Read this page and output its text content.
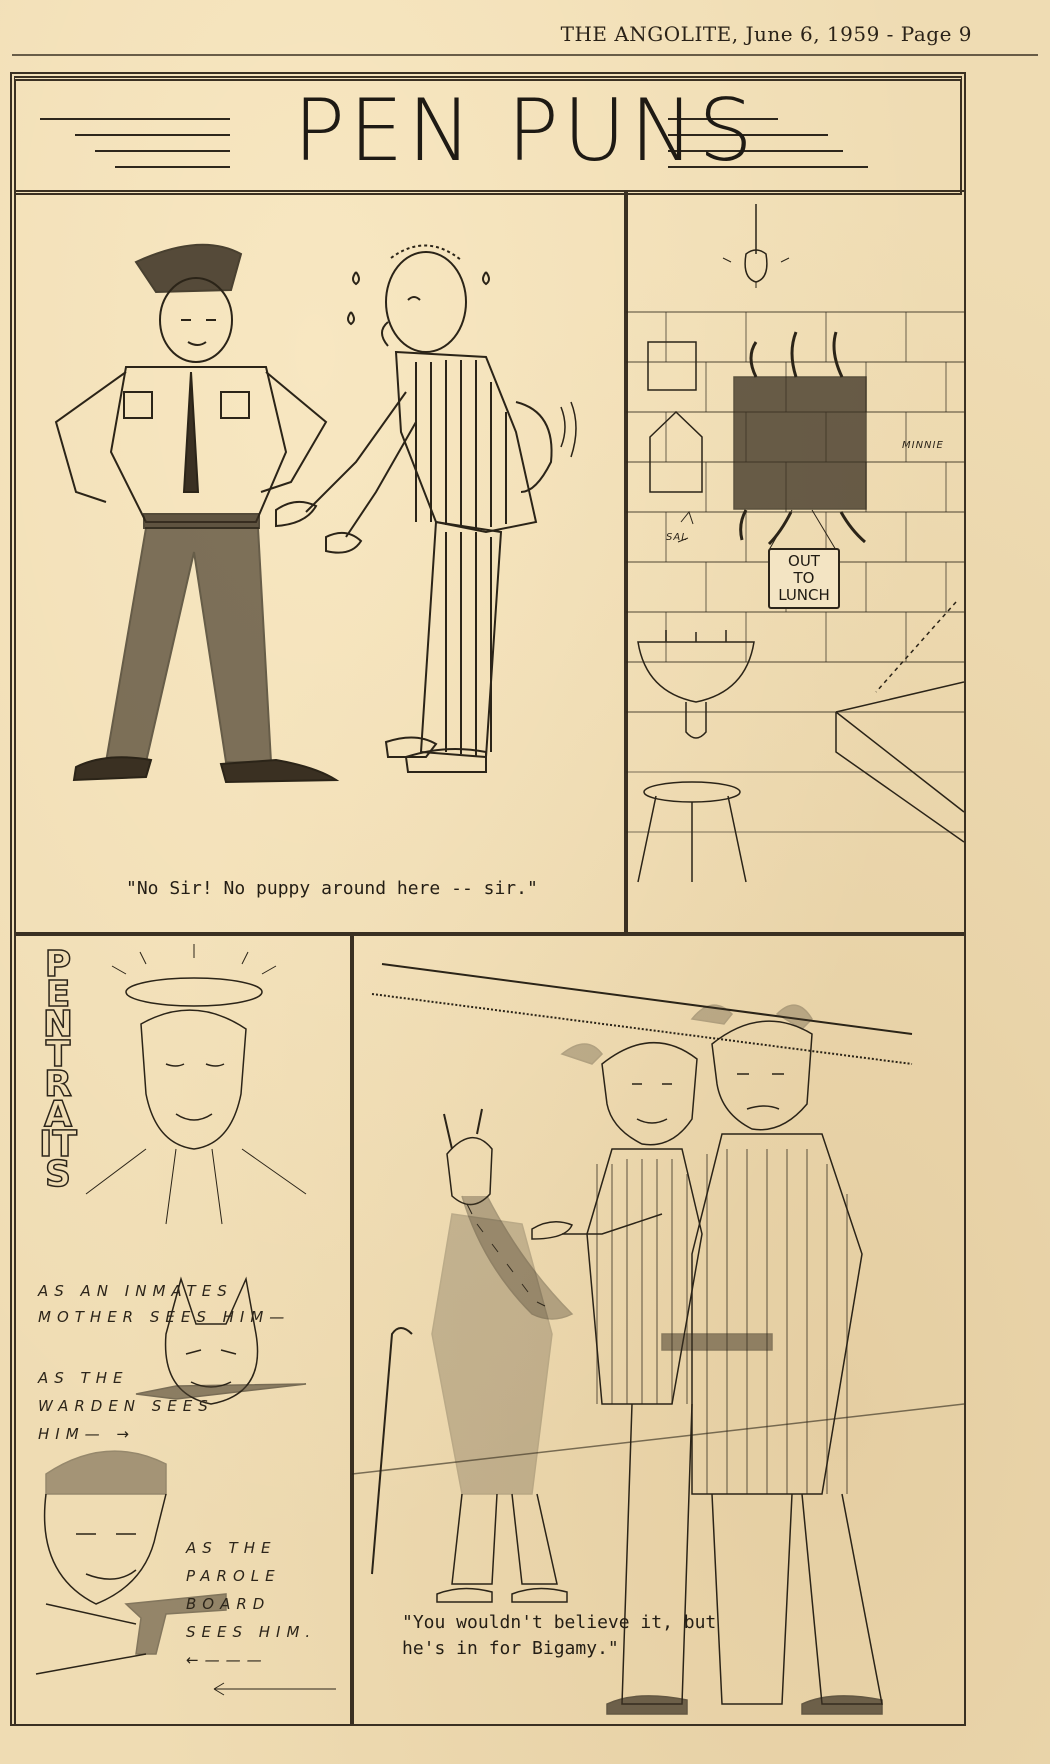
THE ANGOLITE, June 6, 1959 - Page 9
PEN PUNS
"No Sir! No puppy around here -- sir."
OUT
TO
LUNCH
SAL
MINNIE
PENTRAITS
AS AN INMATES
MOTHER SEES HIM—
AS THE
WARDEN SEES
HIM— →
AS THE
PAROLE BOARD
SEES HIM.
←———
"You wouldn't believe it, but
he's in for Bigamy."
